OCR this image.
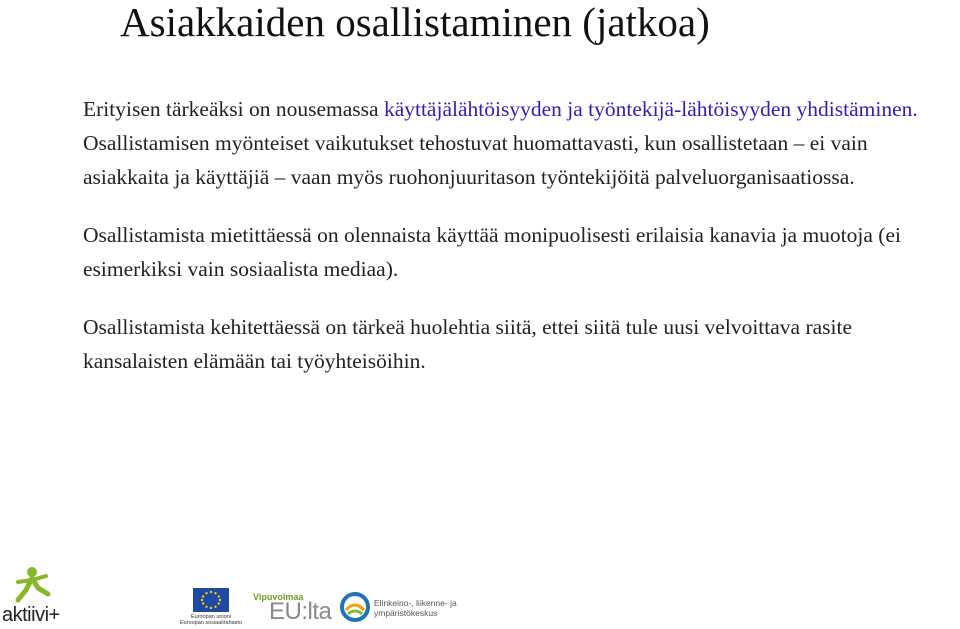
Asiakkaiden osallistaminen (jatkoa)

Erityisen tärkeäksi on nousemassa käyttäjälähtöisyyden ja työntekijä-lähtöisyyden yhdistäminen. Osallistamisen myönteiset vaikutukset tehostuvat huomattavasti, kun osallistetaan – ei vain asiakkaita ja käyttäjiä – vaan myös ruohonjuuritason työntekijöitä palveluorganisaatiossa.

Osallistamista mietittäessä on olennaista käyttää monipuolisesti erilaisia kanavia ja muotoja (ei esimerkiksi vain sosiaalista mediaa).

Osallistamista kehitettäessä on tärkeä huolehtia siitä, ettei siitä tule uusi velvoittava rasite kansalaisten elämään tai työyhteisöihin.

aktiivi+	Euroopan unioni
Euroopan sosiaalirahasto
Vipuvoimaa
EU:lta	Elinkeino-, liikenne- ja
ympäristökeskus
